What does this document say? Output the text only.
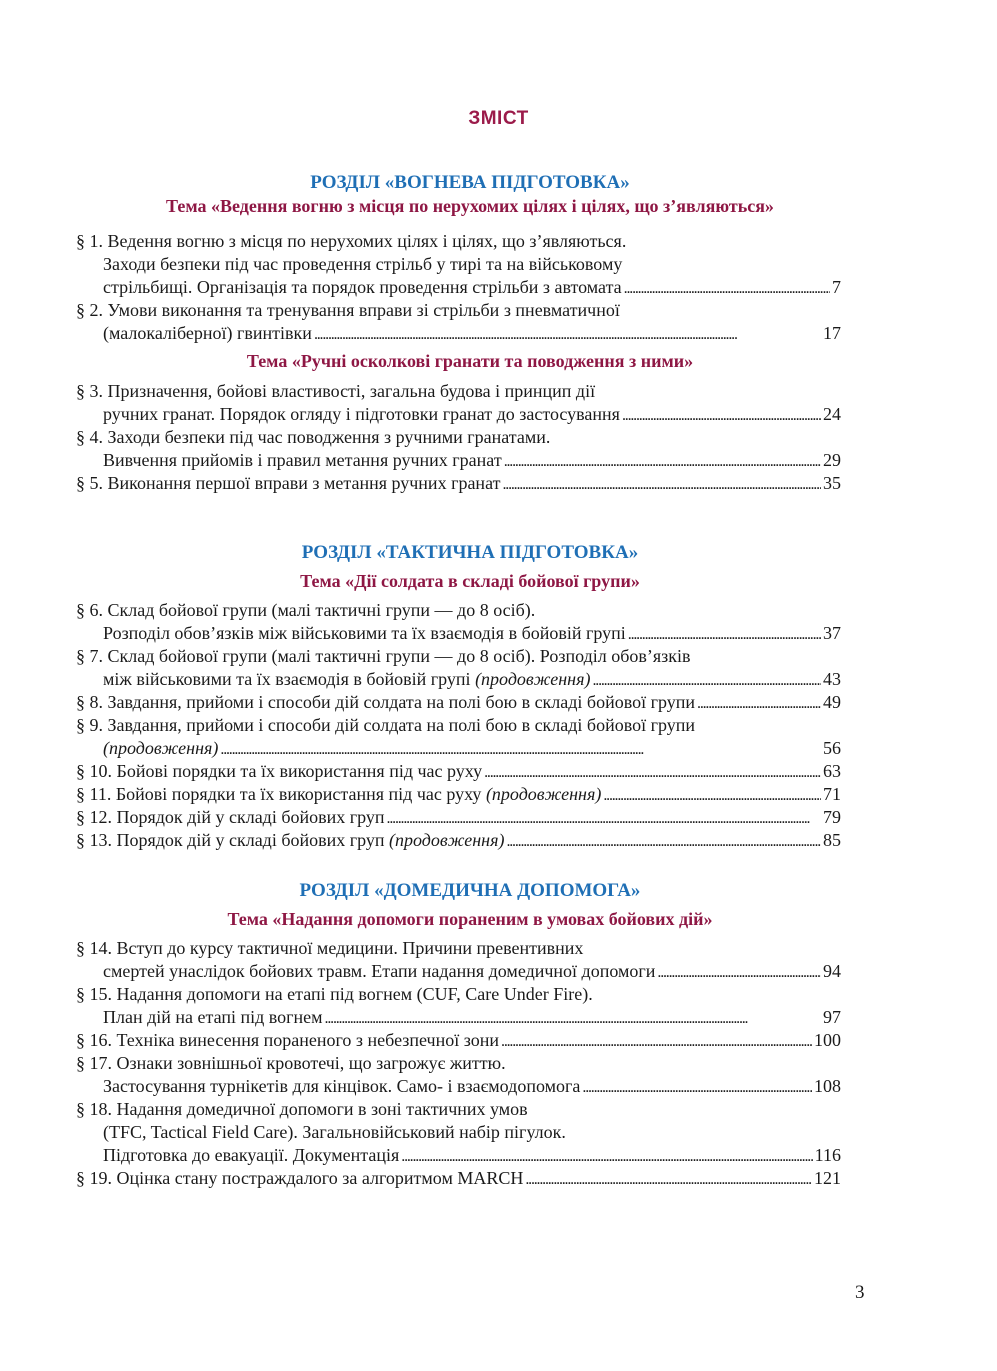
ЗМІСТ
РОЗДІЛ «ВОГНЕВА ПІДГОТОВКА»
Тема «Ведення вогню з місця по нерухомих цілях і цілях, що з’являються»
§ 1. Ведення вогню з місця по нерухомих цілях і цілях, що з’являються.
Заходи безпеки під час проведення стрільб у тирі та на військовому
стрільбищі. Організація та порядок проведення стрільби з автомата . . .	7
§ 2. Умови виконання та тренування вправи зі стрільби з пневматичної
(малокаліберної) гвинтівки . . .	17
Тема «Ручні осколкові гранати та поводження з ними»
§ 3. Призначення, бойові властивості, загальна будова і принцип дії
ручних гранат. Порядок огляду і підготовки гранат до застосування . . .	24
§ 4. Заходи безпеки під час поводження з ручними гранатами.
Вивчення прийомів і правил метання ручних гранат . . .	29
§ 5. Виконання першої вправи з метання ручних гранат . . .	35
РОЗДІЛ «ТАКТИЧНА ПІДГОТОВКА»
Тема «Дії солдата в складі бойової групи»
§ 6. Склад бойової групи (малі тактичні групи — до 8 осіб).
Розподіл обов’язків між військовими та їх взаємодія в бойовій групі . . .	37
§ 7. Склад бойової групи (малі тактичні групи — до 8 осіб). Розподіл обов’язків
між військовими та їх взаємодія в бойовій групі (продовження) . . .	43
§ 8. Завдання, прийоми і способи дій солдата на полі бою в складі бойової групи . . .	49
§ 9. Завдання, прийоми і способи дій солдата на полі бою в складі бойової групи
(продовження) . . .	56
§ 10. Бойові порядки та їх використання під час руху . . .	63
§ 11. Бойові порядки та їх використання під час руху (продовження) . . .	71
§ 12. Порядок дій у складі бойових груп . . .	79
§ 13. Порядок дій у складі бойових груп (продовження) . . .	85
РОЗДІЛ «ДОМЕДИЧНА ДОПОМОГА»
Тема «Надання допомоги пораненим в умовах бойових дій»
§ 14. Вступ до курсу тактичної медицини. Причини превентивних
смертей унаслідок бойових травм. Етапи надання домедичної допомоги . . .	94
§ 15. Надання допомоги на етапі під вогнем (CUF, Care Under Fire).
План дій на етапі під вогнем . . .	97
§ 16. Техніка винесення пораненого з небезпечної зони . . .	100
§ 17. Ознаки зовнішньої кровотечі, що загрожує життю.
Застосування турнікетів для кінцівок. Само- і взаємодопомога . . .	108
§ 18. Надання домедичної допомоги в зоні тактичних умов
(TFC, Tactical Field Care). Загальновійськовий набір пігулок.
Підготовка до евакуації. Документація . . .	116
§ 19. Оцінка стану постраждалого за алгоритмом MARCH . . .	121
3
